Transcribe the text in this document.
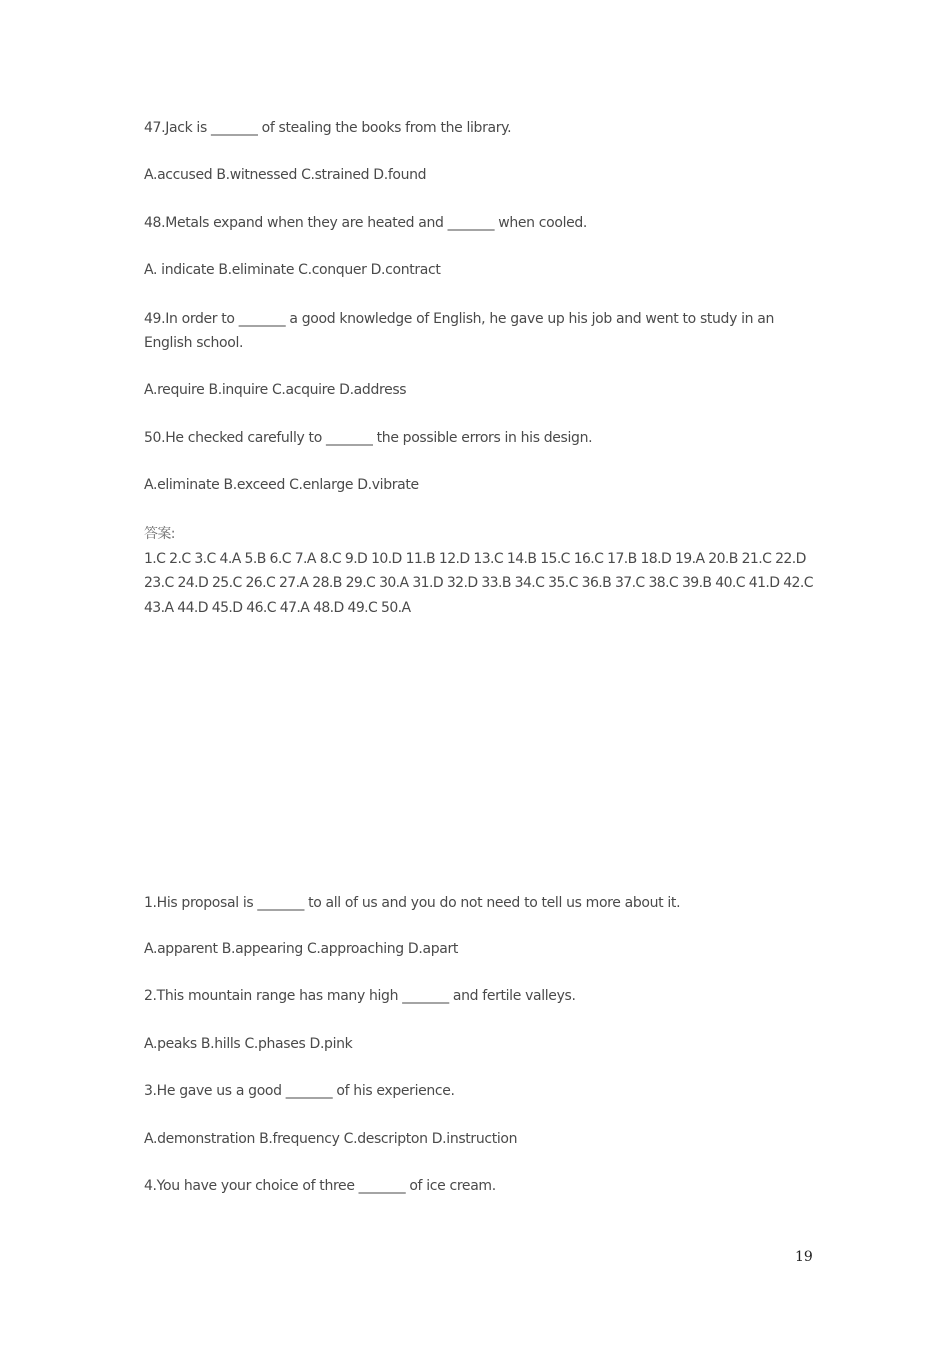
47.Jack is _______ of stealing the books from the library.
A.accused B.witnessed C.strained D.found
48.Metals expand when they are heated and _______ when cooled.
A. indicate B.eliminate C.conquer D.contract
49.In order to _______ a good knowledge of English, he gave up his job and went to study in an English school.
A.require B.inquire C.acquire D.address
50.He checked carefully to _______ the possible errors in his design.
A.eliminate B.exceed C.enlarge D.vibrate
答案:
1.C 2.C 3.C 4.A 5.B 6.C 7.A 8.C 9.D 10.D 11.B 12.D 13.C 14.B 15.C 16.C 17.B 18.D 19.A 20.B 21.C 22.D
23.C 24.D 25.C 26.C 27.A 28.B 29.C 30.A 31.D 32.D 33.B 34.C 35.C 36.B 37.C 38.C 39.B 40.C 41.D 42.C
43.A 44.D 45.D 46.C 47.A 48.D 49.C 50.A
1.His proposal is _______ to all of us and you do not need to tell us more about it.
A.apparent B.appearing C.approaching D.apart
2.This mountain range has many high _______ and fertile valleys.
A.peaks B.hills C.phases D.pink
3.He gave us a good _______ of his experience.
A.demonstration B.frequency C.descripton D.instruction
4.You have your choice of three _______ of ice cream.
19
